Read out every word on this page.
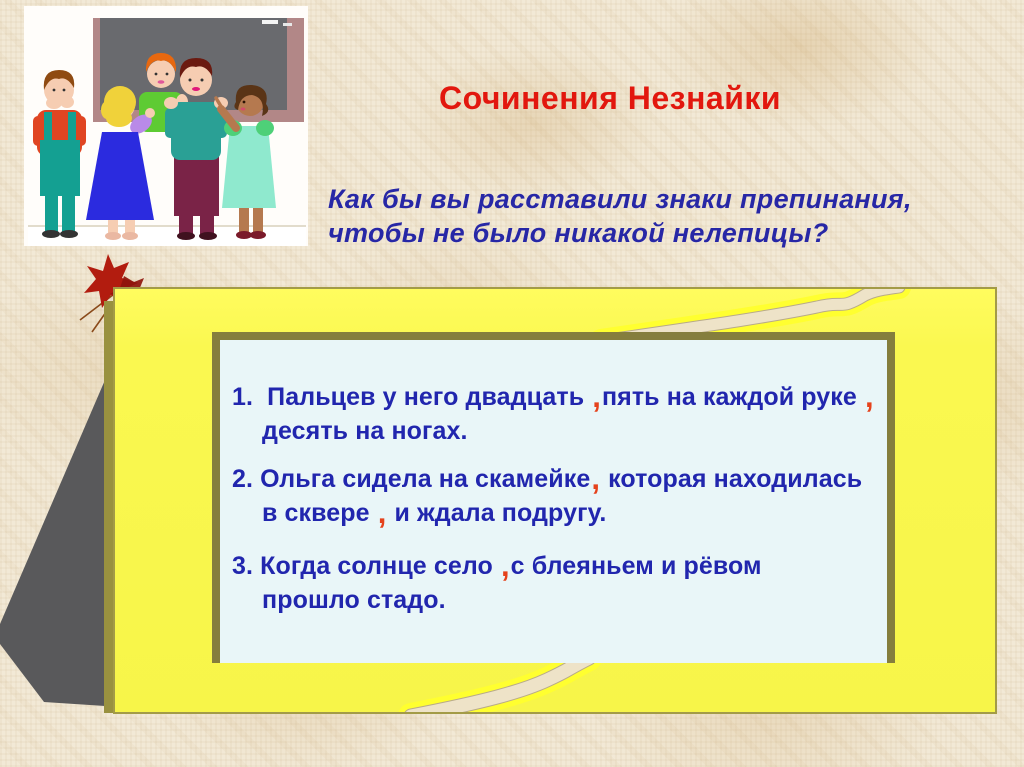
Сочинения Незнайки
Как бы вы расставили знаки препинания,
чтобы не было никакой нелепицы?
1.  Пальцев у него двадцать ,пять на каждой руке ,
десять на ногах.
2. Ольга сидела на скамейке, которая находилась
в сквере , и ждала подругу.
3. Когда солнце село ,с блеяньем и рёвом
прошло стадо.
